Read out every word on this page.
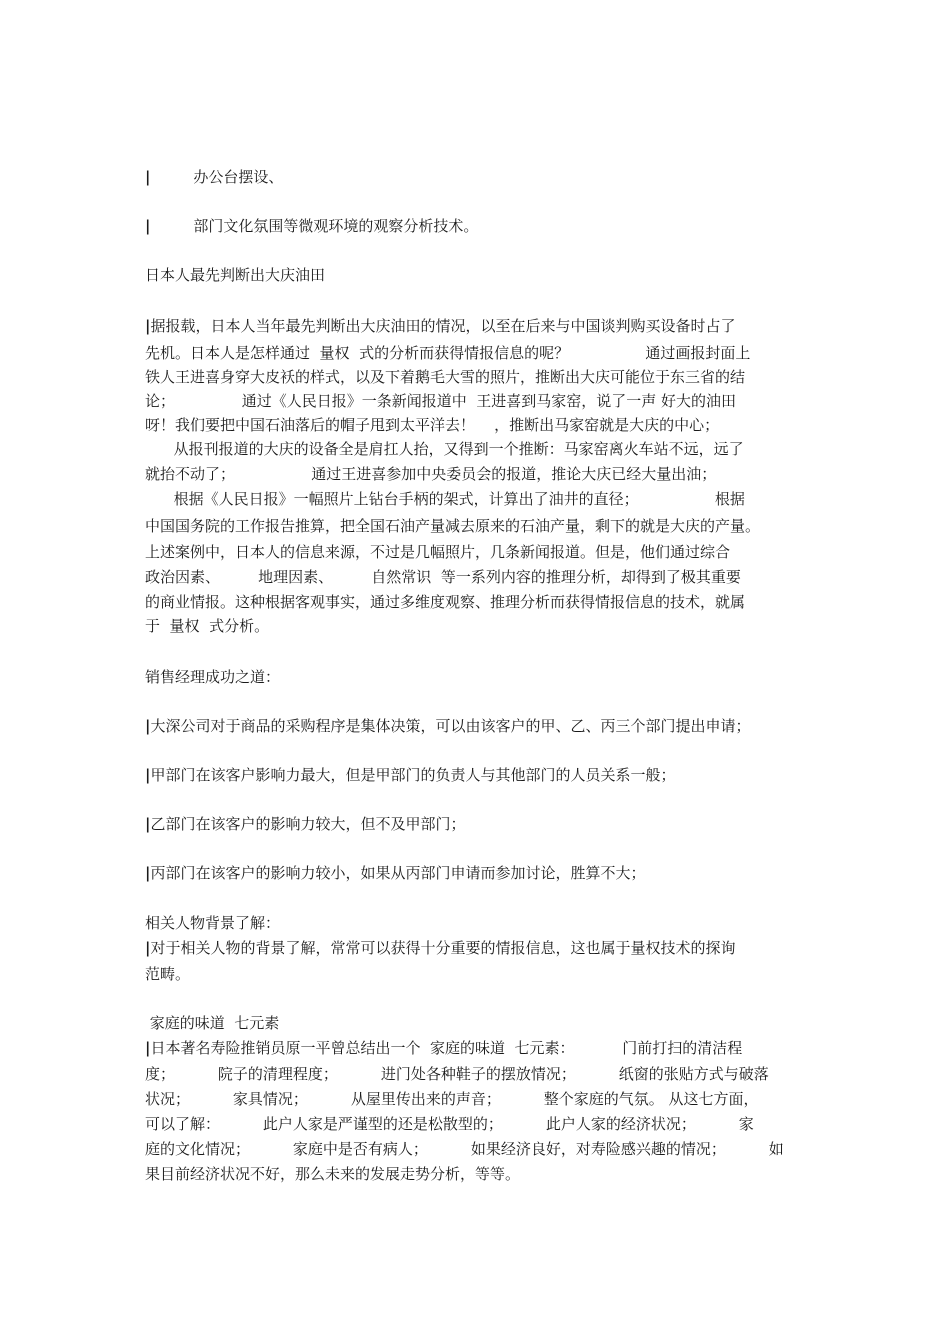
|	办公台摆设、
|	部门文化氛围等微观环境的观察分析技术。
日本人最先判断出大庆油田
|据报载，日本人当年最先判断出大庆油田的情况，以至在后来与中国谈判购买设备时占了
先机。日本人是怎样通过  量权  式的分析而获得情报信息的呢？                通过画报封面上
铁人王进喜身穿大皮袄的样式，以及下着鹅毛大雪的照片，推断出大庆可能位于东三省的结
论；              通过《人民日报》一条新闻报道中  王进喜到马家窑，说了一声 好大的油田
呀！我们要把中国石油落后的帽子甩到太平洋去！    ，推断出马家窑就是大庆的中心；
从报刊报道的大庆的设备全是肩扛人抬，又得到一个推断：马家窑离火车站不远，远了
就抬不动了；                通过王进喜参加中央委员会的报道，推论大庆已经大量出油；
根据《人民日报》一幅照片上钻台手柄的架式，计算出了油井的直径；                根据
中国国务院的工作报告推算，把全国石油产量减去原来的石油产量，剩下的就是大庆的产量。
上述案例中，日本人的信息来源，不过是几幅照片，几条新闻报道。但是，他们通过综合
政治因素、        地理因素、        自然常识  等一系列内容的推理分析，却得到了极其重要
的商业情报。这种根据客观事实，通过多维度观察、推理分析而获得情报信息的技术，就属
于  量权  式分析。
销售经理成功之道：
|大深公司对于商品的采购程序是集体决策，可以由该客户的甲、乙、丙三个部门提出申请；
|甲部门在该客户影响力最大，但是甲部门的负责人与其他部门的人员关系一般；
|乙部门在该客户的影响力较大，但不及甲部门；
|丙部门在该客户的影响力较小，如果从丙部门申请而参加讨论，胜算不大；
相关人物背景了解：
|对于相关人物的背景了解，常常可以获得十分重要的情报信息，这也属于量权技术的探询
范畴。
家庭的味道  七元素
|日本著名寿险推销员原一平曾总结出一个  家庭的味道  七元素：          门前打扫的清洁程
度；         院子的清理程度；         进门处各种鞋子的摆放情况；         纸窗的张贴方式与破落
状况；         家具情况；         从屋里传出来的声音；         整个家庭的气氛。 从这七方面，
可以了解：         此户人家是严谨型的还是松散型的；         此户人家的经济状况；         家
庭的文化情况；         家庭中是否有病人；         如果经济良好，对寿险感兴趣的情况；         如
果目前经济状况不好，那么未来的发展走势分析，等等。
